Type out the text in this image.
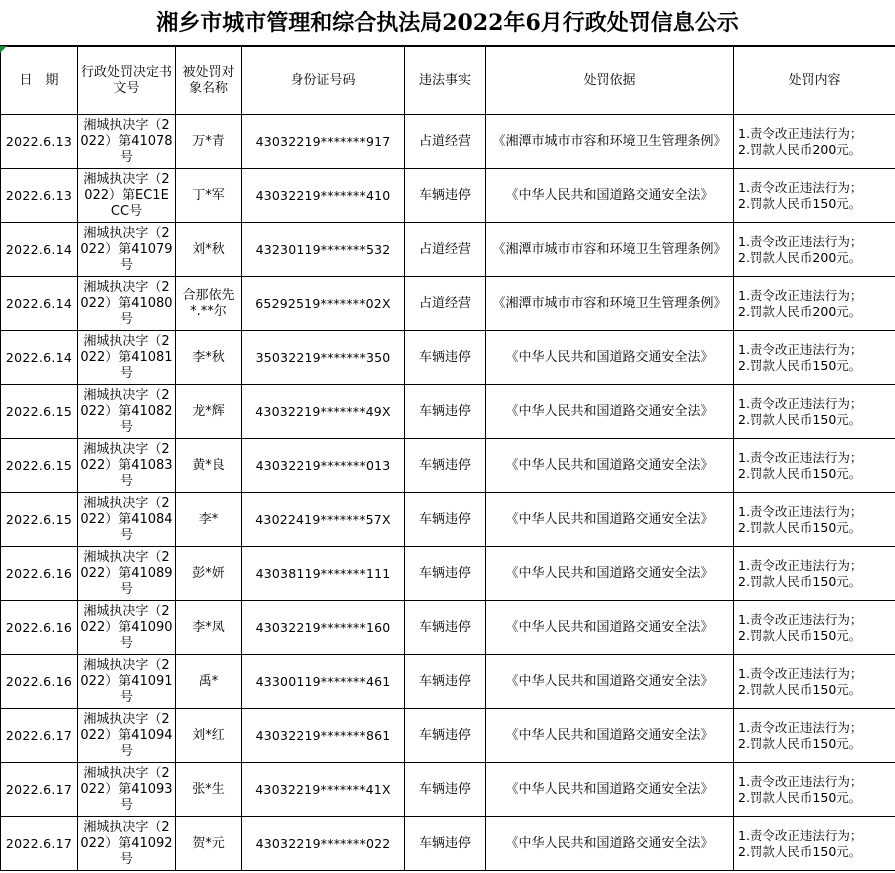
湘乡市城市管理和综合执法局2022年6月行政处罚信息公示
日　期	行政处罚决定书文号	被处罚对象名称	身份证号码	违法事实	处罚依据	处罚内容
2022.6.13	湘城执决字（2022）第41078号	万*青	43032219*******917	占道经营	《湘潭市城市市容和环境卫生管理条例》	1.责令改正违法行为；
2.罚款人民币200元。

2022.6.13	湘城执决字（2022）第EC1ECC号	丁*军	43032219*******410	车辆违停	《中华人民共和国道路交通安全法》	1.责令改正违法行为；
2.罚款人民币150元。

2022.6.14	湘城执决字（2022）第41079号	刘*秋	43230119*******532	占道经营	《湘潭市城市市容和环境卫生管理条例》	1.责令改正违法行为；
2.罚款人民币200元。

2022.6.14	湘城执决字（2022）第41080号	合那依先*.**尔	65292519*******02X	占道经营	《湘潭市城市市容和环境卫生管理条例》	1.责令改正违法行为；
2.罚款人民币200元。

2022.6.14	湘城执决字（2022）第41081号	李*秋	35032219*******350	车辆违停	《中华人民共和国道路交通安全法》	1.责令改正违法行为；
2.罚款人民币150元。

2022.6.15	湘城执决字（2022）第41082号	龙*辉	43032219*******49X	车辆违停	《中华人民共和国道路交通安全法》	1.责令改正违法行为；
2.罚款人民币150元。

2022.6.15	湘城执决字（2022）第41083号	黄*良	43032219*******013	车辆违停	《中华人民共和国道路交通安全法》	1.责令改正违法行为；
2.罚款人民币150元。

2022.6.15	湘城执决字（2022）第41084号	李*	43022419*******57X	车辆违停	《中华人民共和国道路交通安全法》	1.责令改正违法行为；
2.罚款人民币150元。

2022.6.16	湘城执决字（2022）第41089号	彭*妍	43038119*******111	车辆违停	《中华人民共和国道路交通安全法》	1.责令改正违法行为；
2.罚款人民币150元。

2022.6.16	湘城执决字（2022）第41090号	李*凤	43032219*******160	车辆违停	《中华人民共和国道路交通安全法》	1.责令改正违法行为；
2.罚款人民币150元。

2022.6.16	湘城执决字（2022）第41091号	禹*	43300119*******461	车辆违停	《中华人民共和国道路交通安全法》	1.责令改正违法行为；
2.罚款人民币150元。

2022.6.17	湘城执决字（2022）第41094号	刘*红	43032219*******861	车辆违停	《中华人民共和国道路交通安全法》	1.责令改正违法行为；
2.罚款人民币150元。

2022.6.17	湘城执决字（2022）第41093号	张*生	43032219*******41X	车辆违停	《中华人民共和国道路交通安全法》	1.责令改正违法行为；
2.罚款人民币150元。

2022.6.17	湘城执决字（2022）第41092号	贺*元	43032219*******022	车辆违停	《中华人民共和国道路交通安全法》	1.责令改正违法行为；
2.罚款人民币150元。
